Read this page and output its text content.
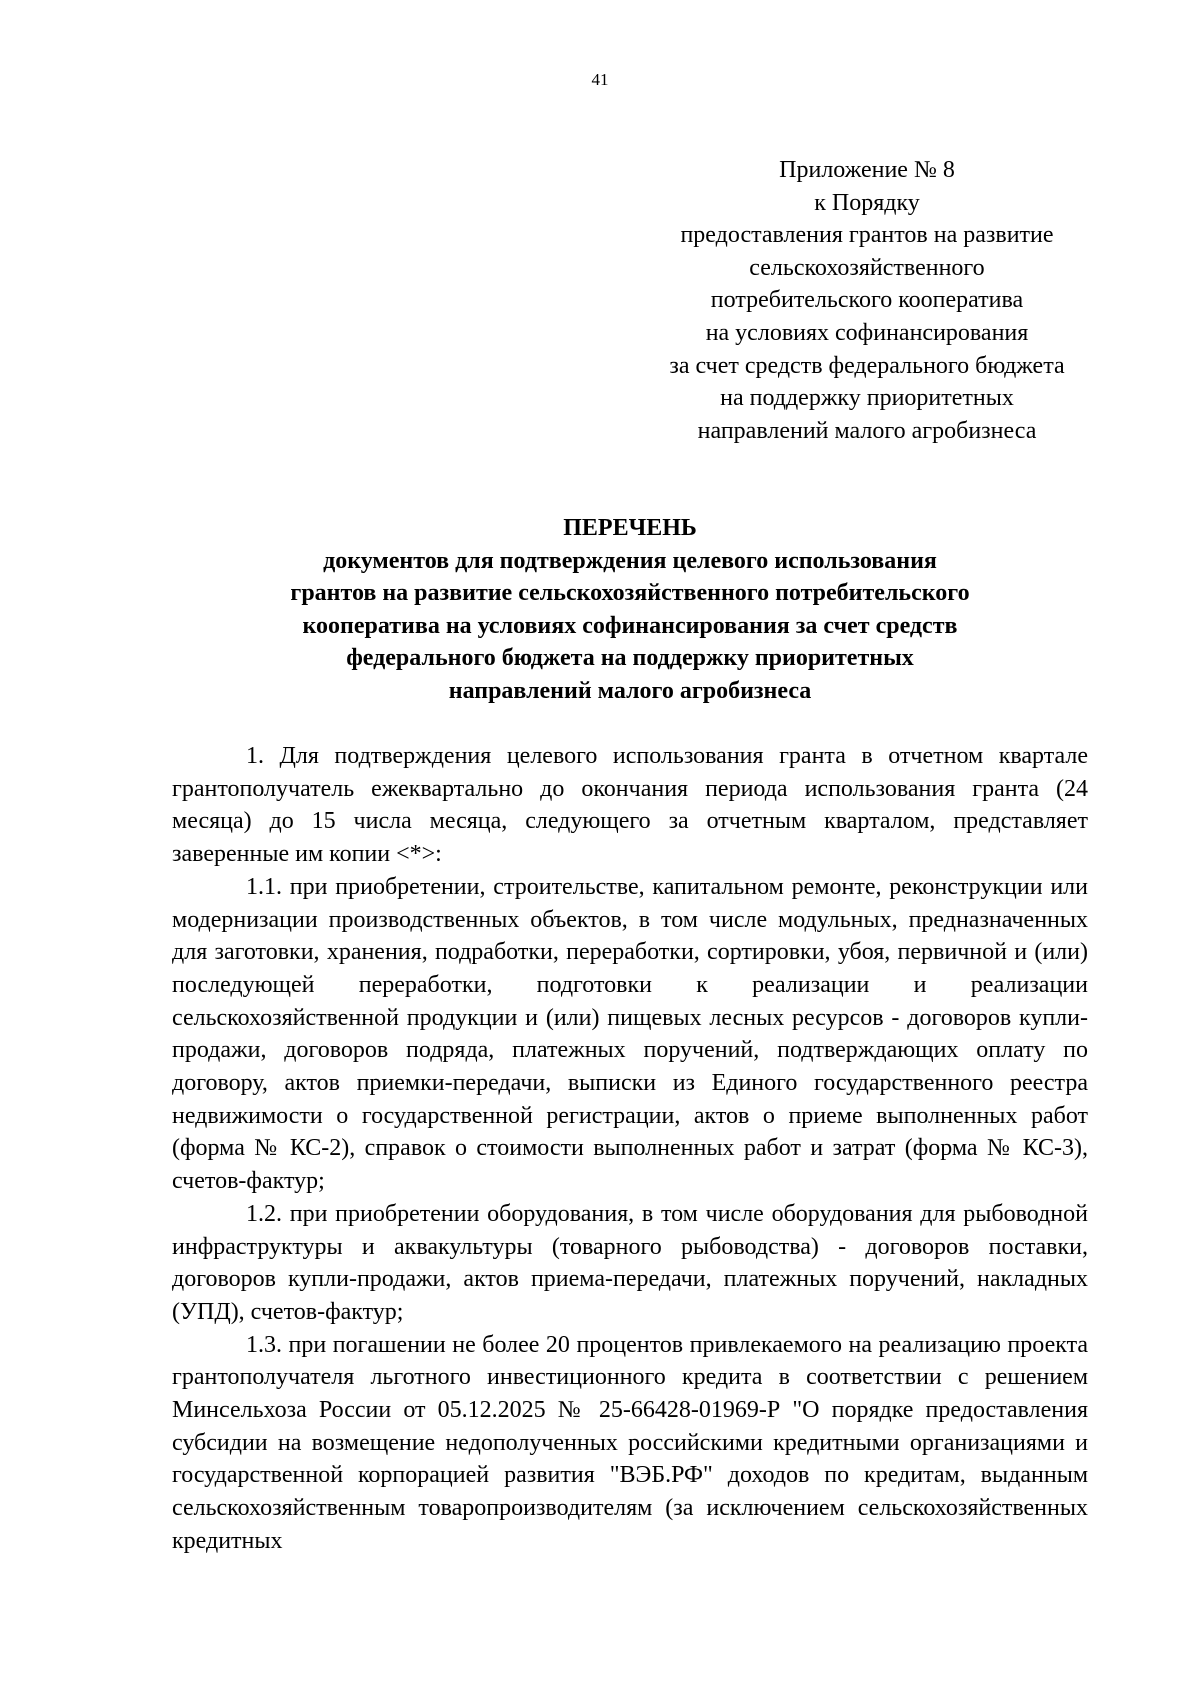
41
Приложение № 8
к Порядку
предоставления грантов на развитие
сельскохозяйственного
потребительского кооператива
на условиях софинансирования
за счет средств федерального бюджета
на поддержку приоритетных
направлений малого агробизнеса
ПЕРЕЧЕНЬ
документов для подтверждения целевого использования
грантов на развитие сельскохозяйственного потребительского
кооператива на условиях софинансирования за счет средств
федерального бюджета на поддержку приоритетных
направлений малого агробизнеса

1. Для подтверждения целевого использования гранта в отчетном квартале грантополучатель ежеквартально до окончания периода использования гранта (24 месяца) до 15 числа месяца, следующего за отчетным кварталом, представляет заверенные им копии <*>:

1.1. при приобретении, строительстве, капитальном ремонте, реконструкции или модернизации производственных объектов, в том числе модульных, предназначенных для заготовки, хранения, подработки, переработки, сортировки, убоя, первичной и (или) последующей переработки, подготовки к реализации и реализации сельскохозяйственной продукции и (или) пищевых лесных ресурсов - договоров купли-продажи, договоров подряда, платежных поручений, подтверждающих оплату по договору, актов приемки-передачи, выписки из Единого государственного реестра недвижимости о государственной регистрации, актов о приеме выполненных работ (форма № КС-2), справок о стоимости выполненных работ и затрат (форма № КС-3), счетов-фактур;

1.2. при приобретении оборудования, в том числе оборудования для рыбоводной инфраструктуры и аквакультуры (товарного рыбоводства) - договоров поставки, договоров купли-продажи, актов приема-передачи, платежных поручений, накладных (УПД), счетов-фактур;

1.3. при погашении не более 20 процентов привлекаемого на реализацию проекта грантополучателя льготного инвестиционного кредита в соответствии с решением Минсельхоза России от 05.12.2025 № 25-66428-01969-Р "О порядке предоставления субсидии на возмещение недополученных российскими кредитными организациями и государственной корпорацией развития "ВЭБ.РФ" доходов по кредитам, выданным сельскохозяйственным товаропроизводителям (за исключением сельскохозяйственных кредитных
